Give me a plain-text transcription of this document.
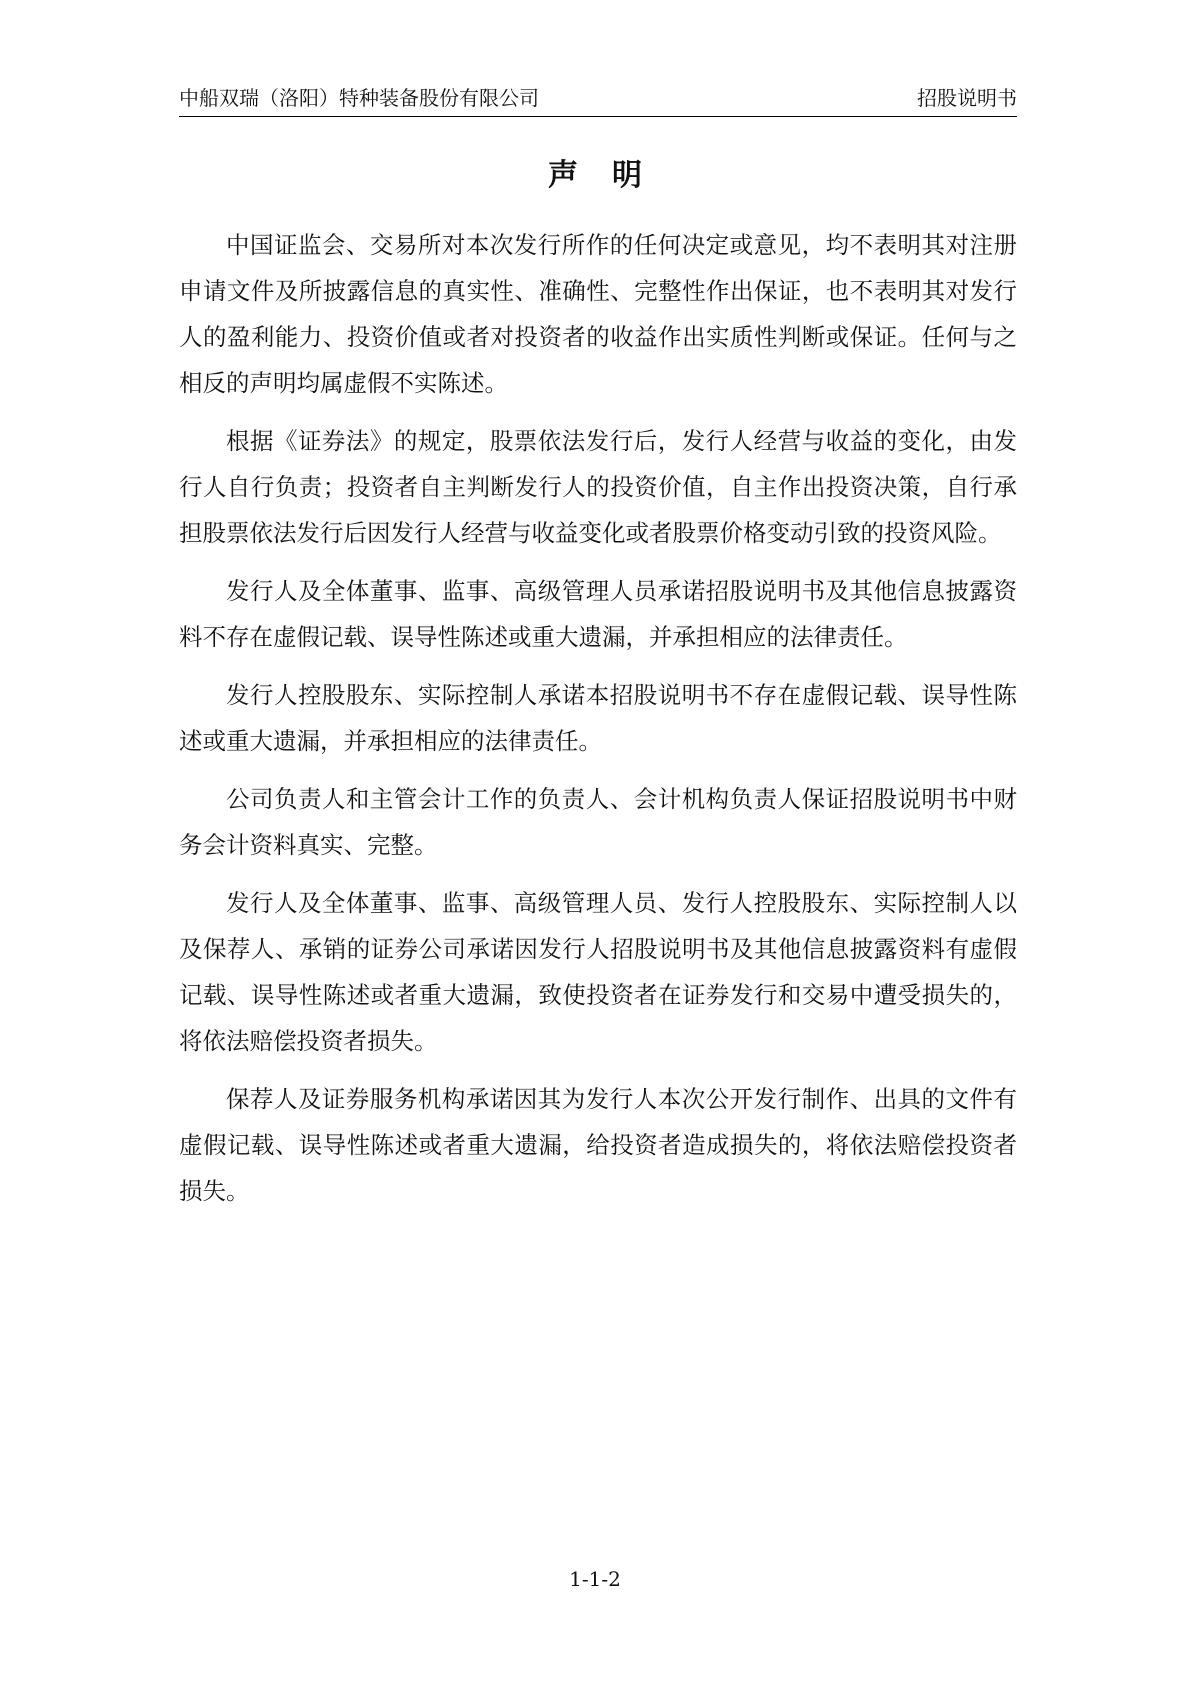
中船双瑞（洛阳）特种装备股份有限公司	招股说明书
声明

中国证监会、交易所对本次发行所作的任何决定或意见，均不表明其对注册申请文件及所披露信息的真实性、准确性、完整性作出保证，也不表明其对发行人的盈利能力、投资价值或者对投资者的收益作出实质性判断或保证。任何与之相反的声明均属虚假不实陈述。

根据《证券法》的规定，股票依法发行后，发行人经营与收益的变化，由发行人自行负责；投资者自主判断发行人的投资价值，自主作出投资决策，自行承担股票依法发行后因发行人经营与收益变化或者股票价格变动引致的投资风险。

发行人及全体董事、监事、高级管理人员承诺招股说明书及其他信息披露资料不存在虚假记载、误导性陈述或重大遗漏，并承担相应的法律责任。

发行人控股股东、实际控制人承诺本招股说明书不存在虚假记载、误导性陈述或重大遗漏，并承担相应的法律责任。

公司负责人和主管会计工作的负责人、会计机构负责人保证招股说明书中财务会计资料真实、完整。

发行人及全体董事、监事、高级管理人员、发行人控股股东、实际控制人以及保荐人、承销的证券公司承诺因发行人招股说明书及其他信息披露资料有虚假记载、误导性陈述或者重大遗漏，致使投资者在证券发行和交易中遭受损失的，将依法赔偿投资者损失。

保荐人及证券服务机构承诺因其为发行人本次公开发行制作、出具的文件有虚假记载、误导性陈述或者重大遗漏，给投资者造成损失的，将依法赔偿投资者损失。

1-1-2
